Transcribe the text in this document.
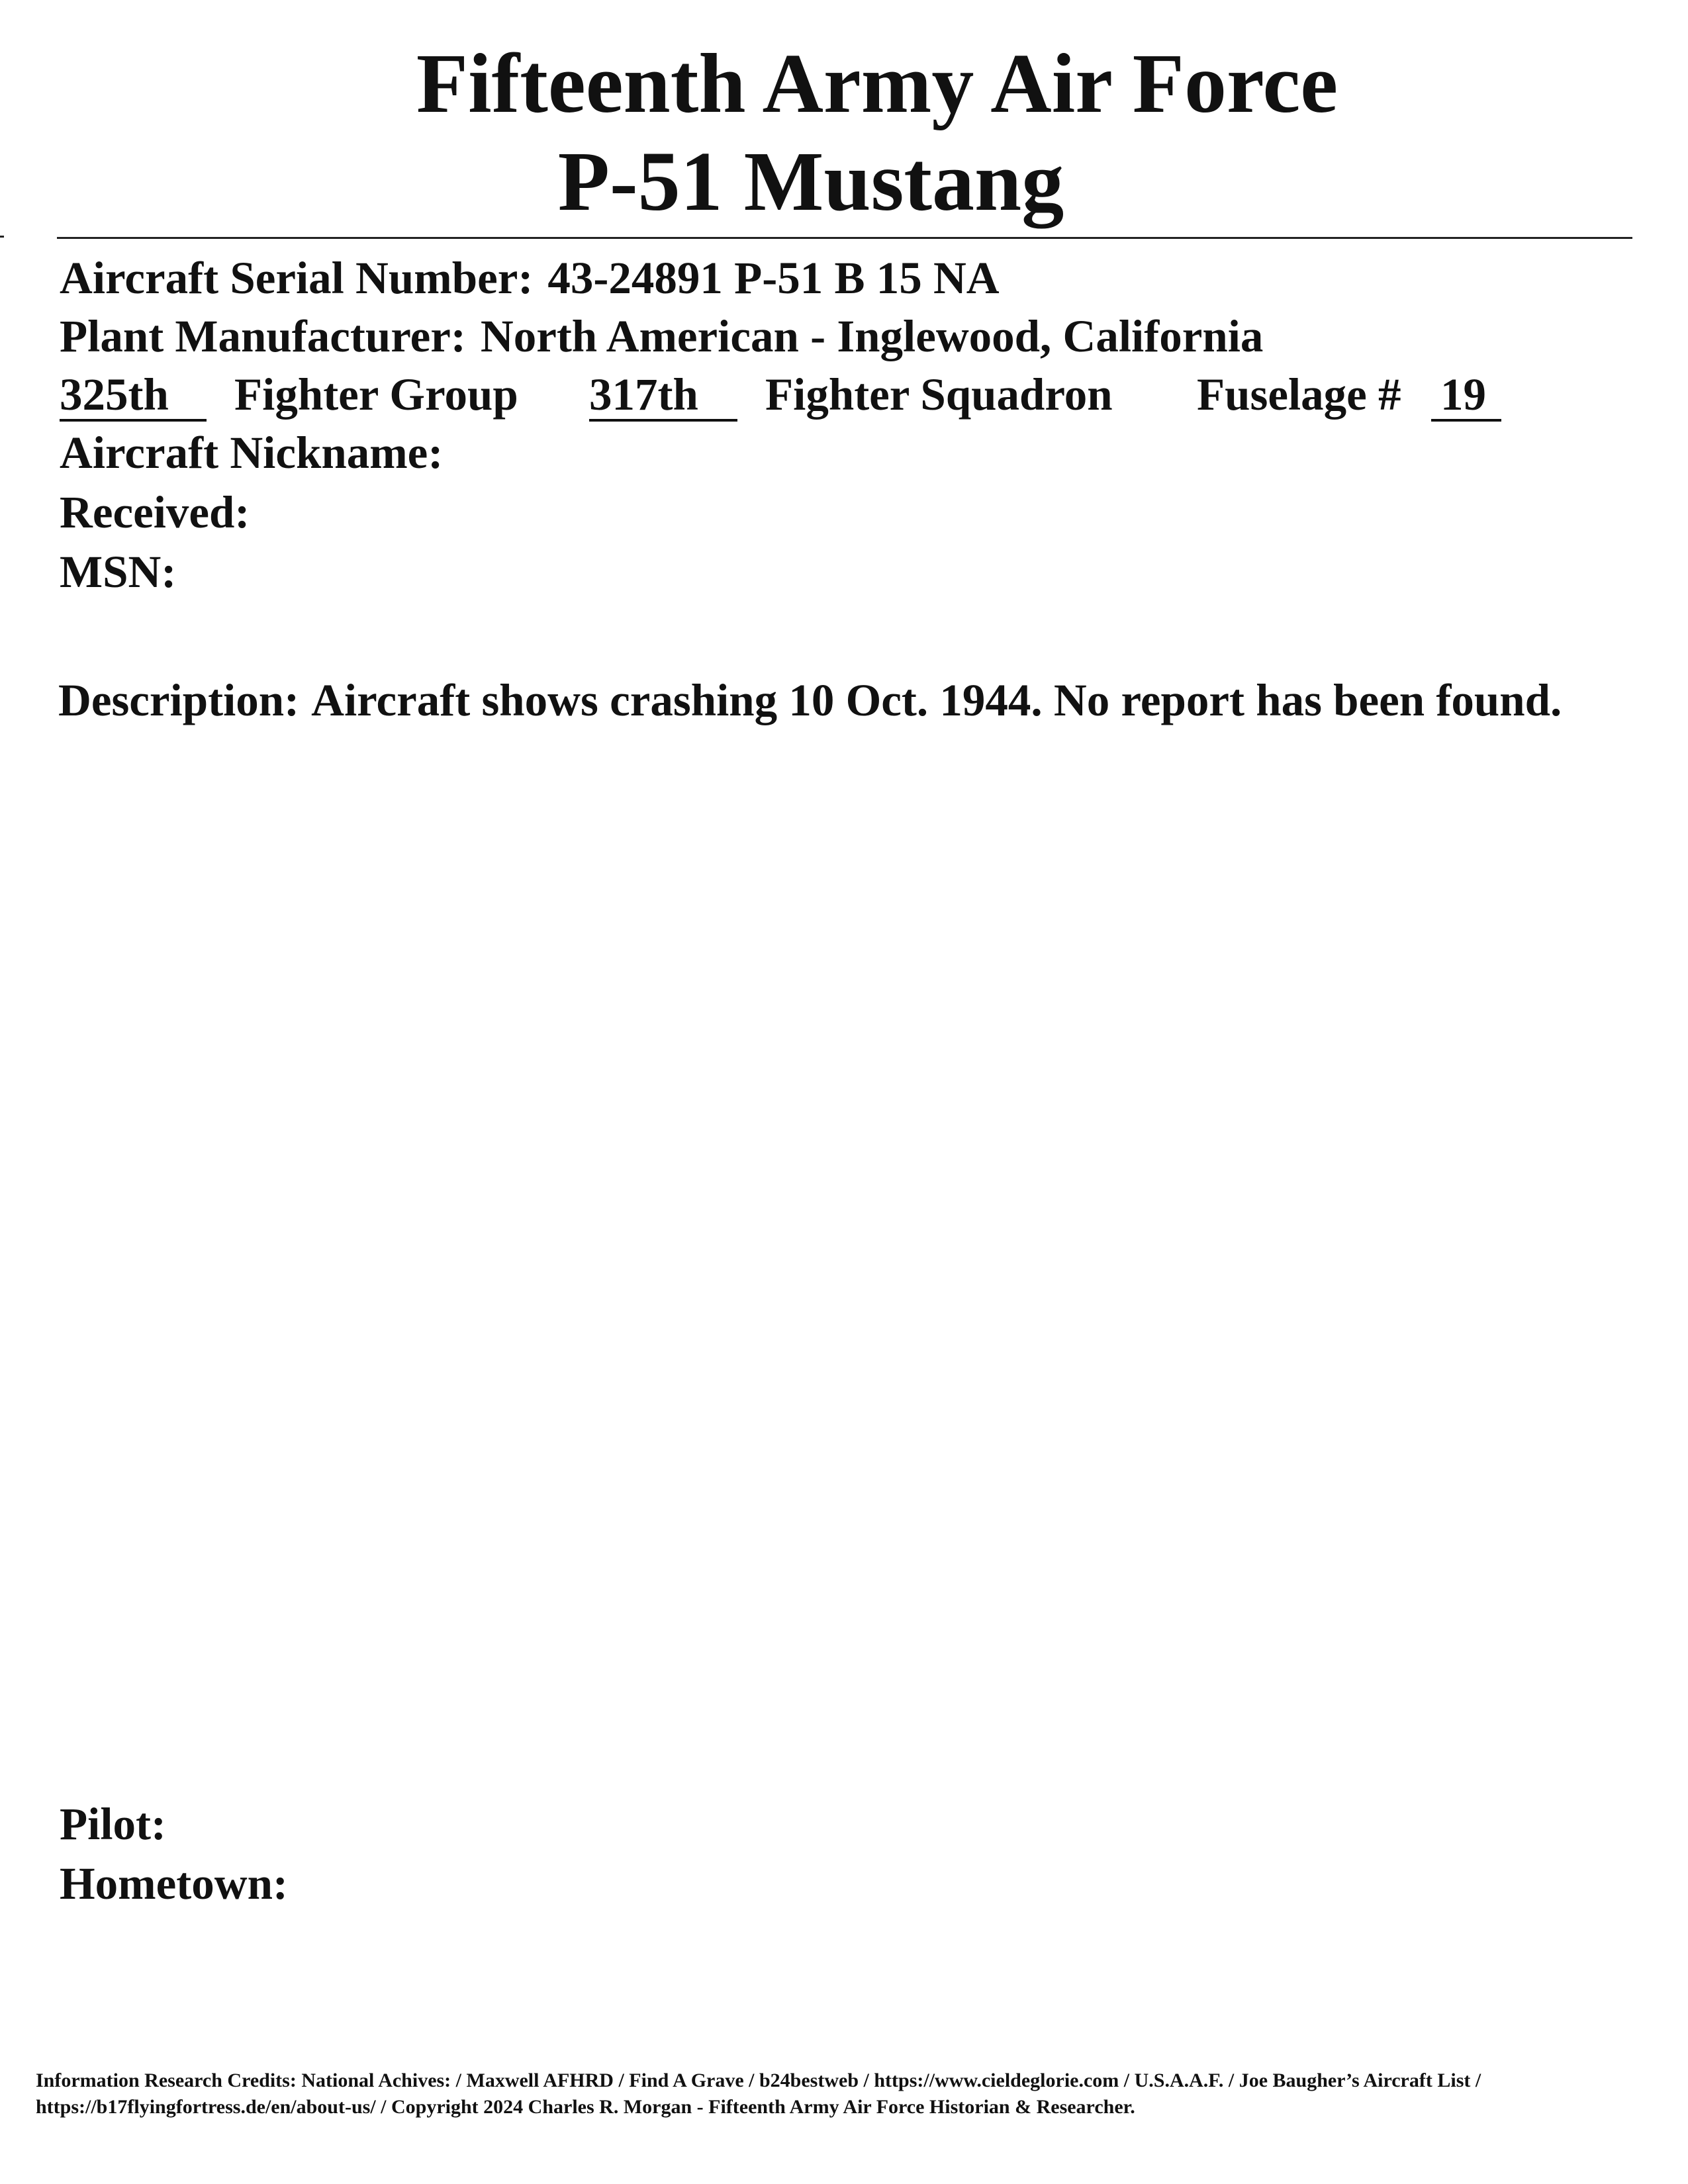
Fifteenth Army Air Force
P-51 Mustang
Aircraft Serial Number: 43-24891 P-51 B 15 NA
Plant Manufacturer: North American - Inglewood, California
325th	Fighter Group 317th	Fighter Squadron Fuselage # 19
Aircraft Nickname:
Received:
MSN:
Description: Aircraft shows crashing 10 Oct. 1944. No report has been found.
Pilot:
Hometown:
Information Research Credits: National Achives: / Maxwell AFHRD / Find A Grave / b24bestweb / https://www.cieldeglorie.com / U.S.A.A.F. / Joe Baugher’s Aircraft List /
https://b17flyingfortress.de/en/about-us/ / Copyright 2024 Charles R. Morgan - Fifteenth Army Air Force Historian & Researcher.
